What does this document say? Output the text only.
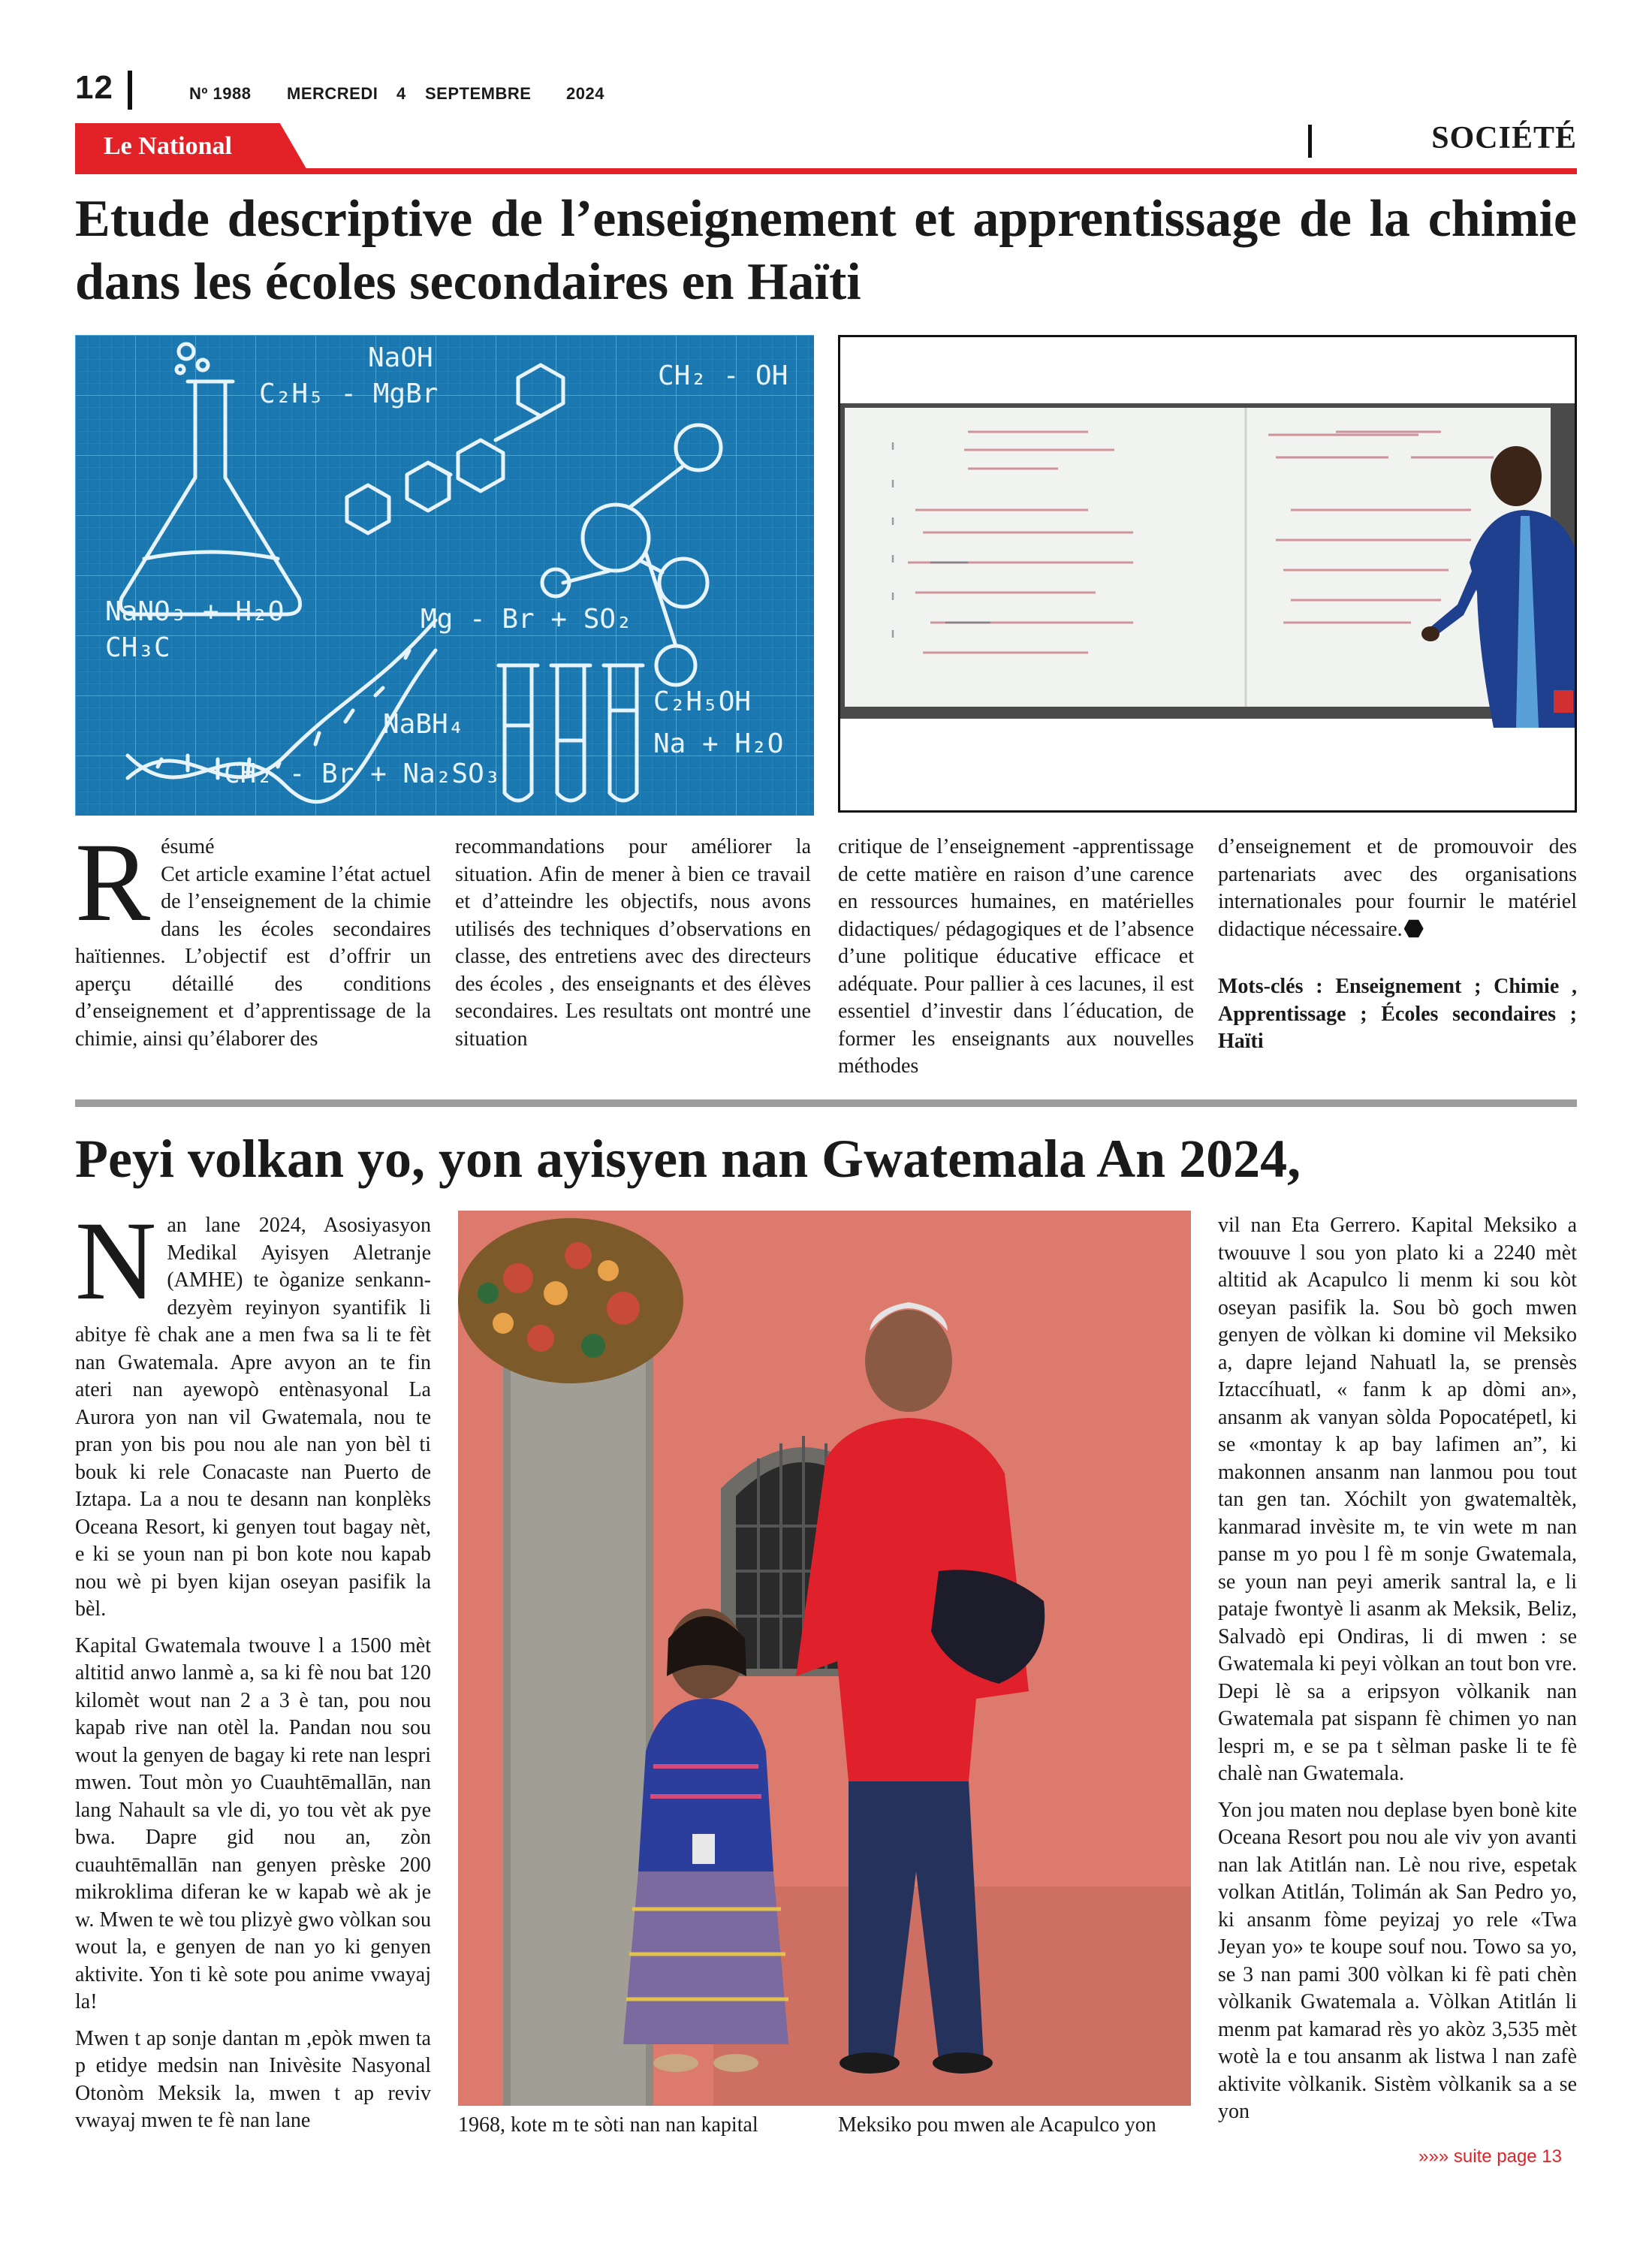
12	Nº 1988 MERCREDI 4 SEPTEMBRE 2024
Le National	SOCIÉTÉ
Etude descriptive de l’enseignement et apprentissage de la chimie dans les écoles secondaires en Haïti
NaOH
C₂H₅ - MgBr
CH₂ - OH
NaNO₃ + H₂O
CH₃C
Mg - Br + SO₂
NaBH₄
C₂H₅OH
Na + H₂O
CH₂ - Br + Na₂SO₃
R ésumé

Cet article examine l’état actuel de l’enseignement de la chimie dans les écoles secondaires haïtiennes. L’objectif est d’offrir un aperçu détaillé des conditions d’enseignement et d’apprentissage de la chimie, ainsi qu’élaborer des

recommandations pour améliorer la situation. Afin de mener à bien ce travail et d’atteindre les objectifs, nous avons utilisés des techniques d’observations en classe, des entretiens avec des directeurs des écoles , des enseignants et des élèves secondaires. Les resultats ont montré une situation

critique de l’enseignement -apprentissage de cette matière en raison d’une carence en ressources humaines, en matérielles didactiques/ pédagogiques et de l’absence d’une politique éducative efficace et adéquate. Pour pallier à ces lacunes, il est essentiel d’investir dans l´éducation, de former les enseignants aux nouvelles méthodes

d’enseignement et de promouvoir des partenariats avec des organisations internationales pour fournir le matériel didactique nécessaire.

Mots-clés : Enseignement ; Chimie , Apprentissage ; Écoles secondaires ; Haïti

Peyi volkan yo, yon ayisyen nan Gwatemala An 2024,

N an lane 2024, Asosiyasyon Medikal Ayisyen Aletranje (AMHE) te òganize senkann-dezyèm reyinyon syantifik li abitye fè chak ane a men fwa sa li te fèt nan Gwatemala. Apre avyon an te fin ateri nan ayewopò entènasyonal La Aurora yon nan vil Gwatemala, nou te pran yon bis pou nou ale nan yon bèl ti bouk ki rele Conacaste nan Puerto de Iztapa. La a nou te desann nan konplèks Oceana Resort, ki genyen tout bagay nèt, e ki se youn nan pi bon kote nou kapab nou wè pi byen kijan oseyan pasifik la bèl.

Kapital Gwatemala twouve l a 1500 mèt altitid anwo lanmè a, sa ki fè nou bat 120 kilomèt wout nan 2 a 3 è tan, pou nou kapab rive nan otèl la. Pandan nou sou wout la genyen de bagay ki rete nan lespri mwen. Tout mòn yo Cuauhtēmallān, nan lang Nahault sa vle di, yo tou vèt ak pye bwa. Dapre gid nou an, zòn cuauhtēmallān nan genyen prèske 200 mikroklima diferan ke w kapab wè ak je w. Mwen te wè tou plizyè gwo vòlkan sou wout la, e genyen de nan yo ki genyen aktivite. Yon ti kè sote pou anime vwayaj la!

Mwen t ap sonje dantan m ,epòk mwen ta p etidye medsin nan Inivèsite Nasyonal Otonòm Meksik la, mwen t ap reviv vwayaj mwen te fè nan lane	1968, kote m te sòti nan nan kapital	Meksiko pou mwen ale Acapulco yon

vil nan Eta Gerrero. Kapital Meksiko a twouuve l sou yon plato ki a 2240 mèt altitid ak Acapulco li menm ki sou kòt oseyan pasifik la. Sou bò goch mwen genyen de vòlkan ki domine vil Meksiko a, dapre lejand Nahuatl la, se prensès Iztaccíhuatl, « fanm k ap dòmi an», ansanm ak vanyan sòlda Popocatépetl, ki se «montay k ap bay lafimen an”, ki makonnen ansanm nan lanmou pou tout tan gen tan. Xóchilt yon gwatemaltèk, kanmarad invèsite m, te vin wete m nan panse m yo pou l fè m sonje Gwatemala, se youn nan peyi amerik santral la, e li pataje fwontyè li asanm ak Meksik, Beliz, Salvadò epi Ondiras, li di mwen : se Gwatemala ki peyi vòlkan an tout bon vre. Depi lè sa a eripsyon vòlkanik nan Gwatemala pat sispann fè chimen yo nan lespri m, e se pa t sèlman paske li te fè chalè nan Gwatemala.

Yon jou maten nou deplase byen bonè kite Oceana Resort pou nou ale viv yon avanti nan lak Atitlán nan. Lè nou rive, espetak volkan Atitlán, Tolimán ak San Pedro yo, ki ansanm fòme peyizaj yo rele «Twa Jeyan yo» te koupe souf nou. Towo sa yo, se 3 nan pami 300 vòlkan ki fè pati chèn vòlkanik Gwatemala a. Vòlkan Atitlán li menm pat kamarad rès yo akòz 3,535 mèt wotè la e tou ansanm ak listwa l nan zafè aktivite vòlkanik. Sistèm vòlkanik sa a se yon

»»» suite page 13
